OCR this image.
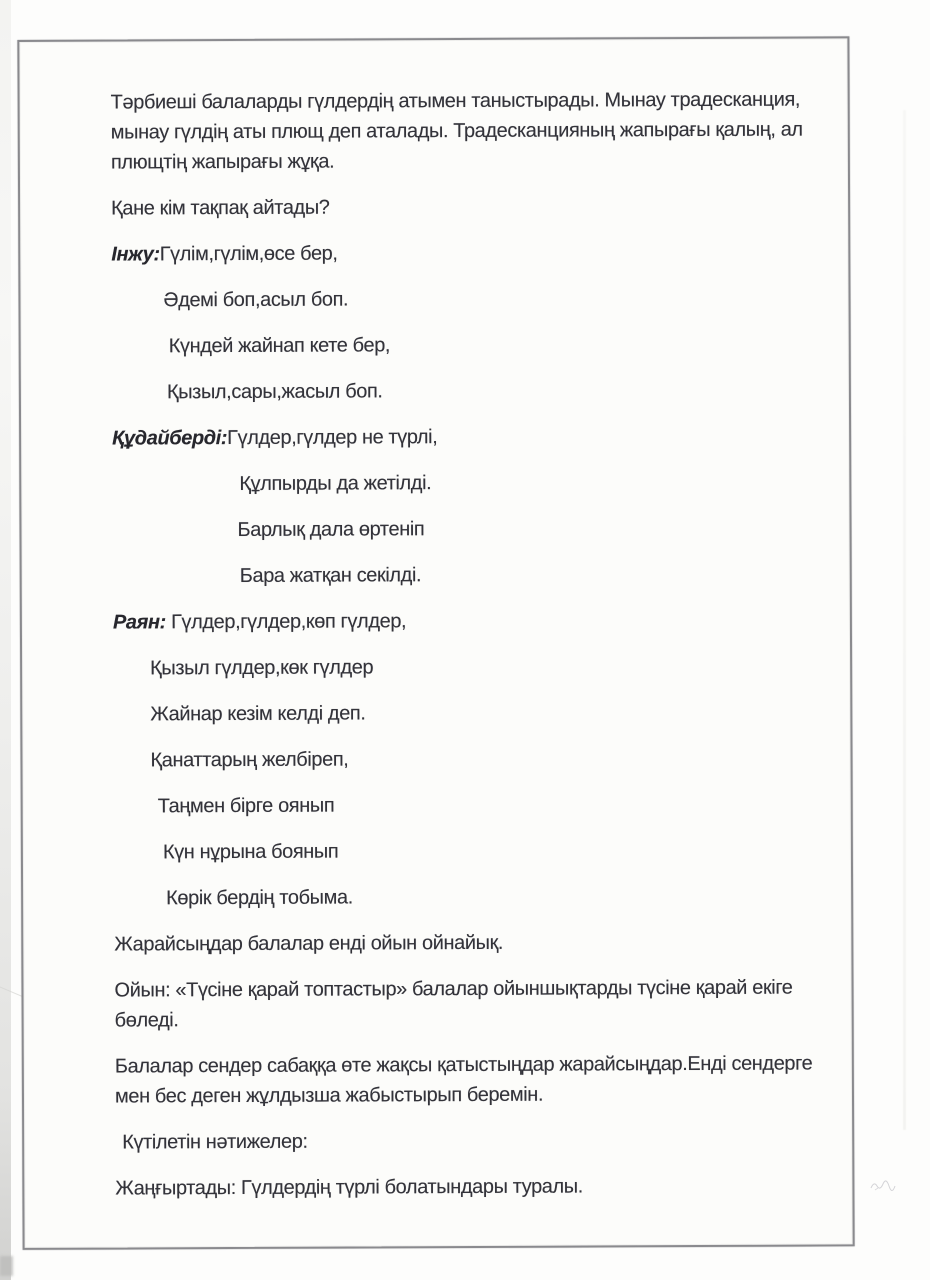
Тәрбиеші балаларды гүлдердің атымен таныстырады. Мынау традесканция,
мынау гүлдің аты плющ деп аталады. Традесканцияның жапырағы қалың, ал
плющтің жапырағы жұқа.

Қане кім тақпақ айтады?

Інжу:Гүлім,гүлім,өсе бер,

Әдемі боп,асыл боп.

Күндей жайнап кете бер,

Қызыл,сары,жасыл боп.

Құдайберді:Гүлдер,гүлдер не түрлі,

Құлпырды да жетілді.

Барлық дала өртеніп

Бара жатқан секілді.

Раян: Гүлдер,гүлдер,көп гүлдер,

Қызыл гүлдер,көк гүлдер

Жайнар кезім келді деп.

Қанаттарың желбіреп,

Таңмен бірге оянып

Күн нұрына боянып

Көрік бердің тобыма.

Жарайсыңдар балалар енді ойын ойнайық.

Ойын: «Түсіне қарай топтастыр» балалар ойыншықтарды түсіне қарай екіге
бөледі.

Балалар сендер сабаққа өте жақсы қатыстыңдар жарайсыңдар.Енді сендерге
мен бес деген жұлдызша жабыстырып беремін.

Күтілетін нәтижелер:

Жаңғыртады: Гүлдердің түрлі болатындары туралы.
